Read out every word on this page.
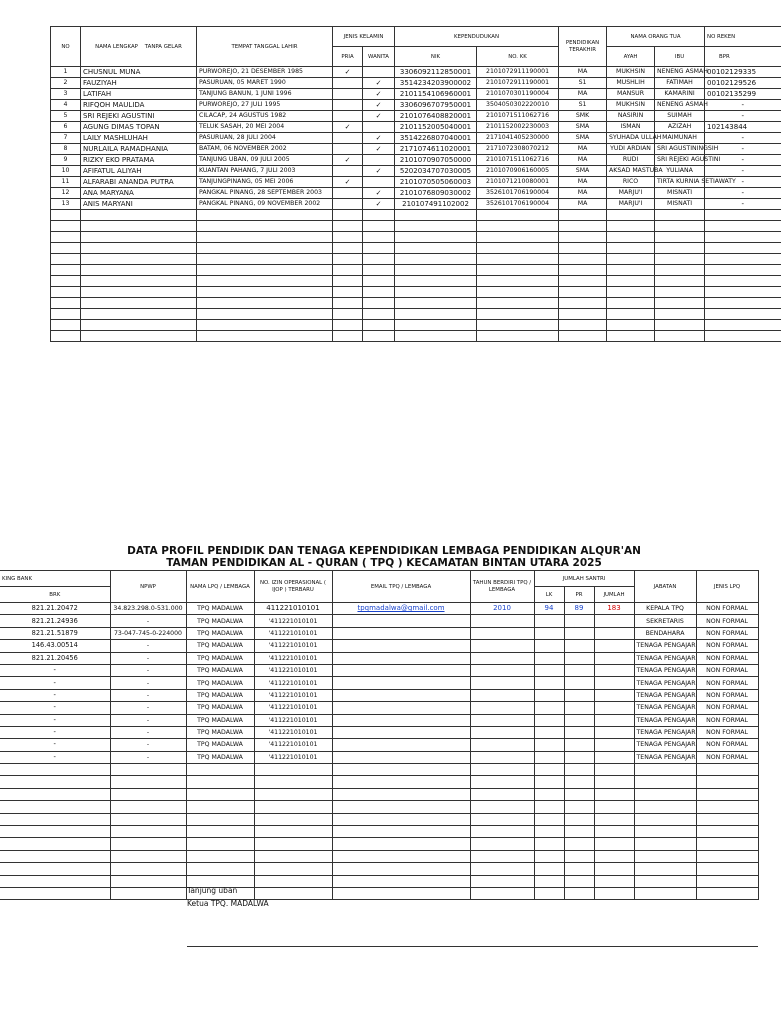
NO	NAMA LENGKAP TANPA GELAR	TEMPAT TANGGAL LAHIR	JENIS KELAMIN		KEPENDUDUKAN		PENDIDIKAN TERAKHIR	NAMA ORANG TUA		NO REKEN
			PRIA	WANITA	NIK	NO. KK		AYAH	IBU	BPR
1	CHUSNUL MUNA	PURWOREJO, 21 DESEMBER 1985	✓		3306092112850001	2101072911190001	MA	MUKHSIN	NENENG ASMAH	00102129335
2	FAUZIYAH	PASURUAN, 05 MARET 1990		✓	3514234203900002	2101072911190001	S1	MUSHLIH	FATIMAH	00102129526
3	LATIFAH	TANJUNG BANUN, 1 JUNI 1996		✓	2101154106960001	2101070301190004	MA	MANSUR	KAMARINI	00102135299
4	RIFQOH MAULIDA	PURWOREJO, 27 JULI 1995		✓	3306096707950001	3504050302220010	S1	MUKHSIN	NENENG ASMAH	-
5	SRI REJEKI AGUSTINI	CILACAP, 24 AGUSTUS 1982		✓	2101076408820001	2101071511062716	SMK	NASIRIN	SUIMAH	-
6	AGUNG DIMAS TOPAN	TELUK SASAH, 20 MEI 2004	✓		2101152005040001	2101152002230003	SMA	ISMAN	AZIZAH	102143844
7	LAILY MASHLUHAH	PASURUAN, 28 JULI 2004		✓	3514226807040001	2171041405230000	SMA	SYUHADA ULLAH	MAIMUNAH	-
8	NURLAILA RAMADHANIA	BATAM, 06 NOVEMBER 2002		✓	2171074611020001	2171072308070212	MA	YUDI ARDIAN	SRI AGUSTININGSIH	-
9	RIZKY EKO PRATAMA	TANJUNG UBAN, 09 JULI 2005	✓		2101070907050000	2101071511062716	MA	RUDI	SRI REJEKI AGUSTINI	-
10	AFIFATUL ALIYAH	KUANTAN PAHANG, 7 JULI 2003		✓	5202034707030005	2101070906160005	SMA	AKSAD MASTUBA	YULIANA	-
11	ALFARABI ANANDA PUTRA	TANJUNGPINANG, 05 MEI 2006	✓		2101070505060003	2101071210080001	MA	RICO	TIRTA KURNIA SETIAWATY	-
12	ANA MARYANA	PANGKAL PINANG, 28 SEPTEMBER 2003		✓	2101076809030002	3526101706190004	MA	MARJU'I	MISNATI	-
13	ANIS MARYANI	PANGKAL PINANG, 09 NOVEMBER 2002		✓	210107491102002	3526101706190004	MA	MARJU'I	MISNATI	-

DATA PROFIL PENDIDIK DAN TENAGA KEPENDIDIKAN LEMBAGA PENDIDIKAN ALQUR'AN
TAMAN PENDIDIKAN AL - QURAN ( TPQ ) KECAMATAN BINTAN UTARA 2025
KING BANK	NPWP	NAMA LPQ / LEMBAGA	NO. IZIN OPERASIONAL ( IJOP ) TERBARU	EMAIL TPQ / LEMBAGA	TAHUN BERDIRI TPQ / LEMBAGA	JUMLAH SANTRI			JABATAN	JENIS LPQ
BRK						LK	PR	JUMLAH		
821.21.20472	34.823.298.0-531.000	TPQ MADALWA	411221010101	tpqmadalwa@gmail.com	2010	94	89	183	KEPALA TPQ	NON FORMAL
821.21.24936	-	TPQ MADALWA	'411221010101						SEKRETARIS	NON FORMAL
821.21.51879	73-047-745-0-224000	TPQ MADALWA	'411221010101						BENDAHARA	NON FORMAL
146.43.00514	-	TPQ MADALWA	'411221010101						TENAGA PENGAJAR	NON FORMAL
821.21.20456	-	TPQ MADALWA	'411221010101						TENAGA PENGAJAR	NON FORMAL
-	-	TPQ MADALWA	'411221010101						TENAGA PENGAJAR	NON FORMAL
-	-	TPQ MADALWA	'411221010101						TENAGA PENGAJAR	NON FORMAL
-	-	TPQ MADALWA	'411221010101						TENAGA PENGAJAR	NON FORMAL
-	-	TPQ MADALWA	'411221010101						TENAGA PENGAJAR	NON FORMAL
-	-	TPQ MADALWA	'411221010101						TENAGA PENGAJAR	NON FORMAL
-	-	TPQ MADALWA	'411221010101						TENAGA PENGAJAR	NON FORMAL
-	-	TPQ MADALWA	'411221010101						TENAGA PENGAJAR	NON FORMAL
-	-	TPQ MADALWA	'411221010101						TENAGA PENGAJAR	NON FORMAL

Tanjung uban
Ketua TPQ. MADALWA
